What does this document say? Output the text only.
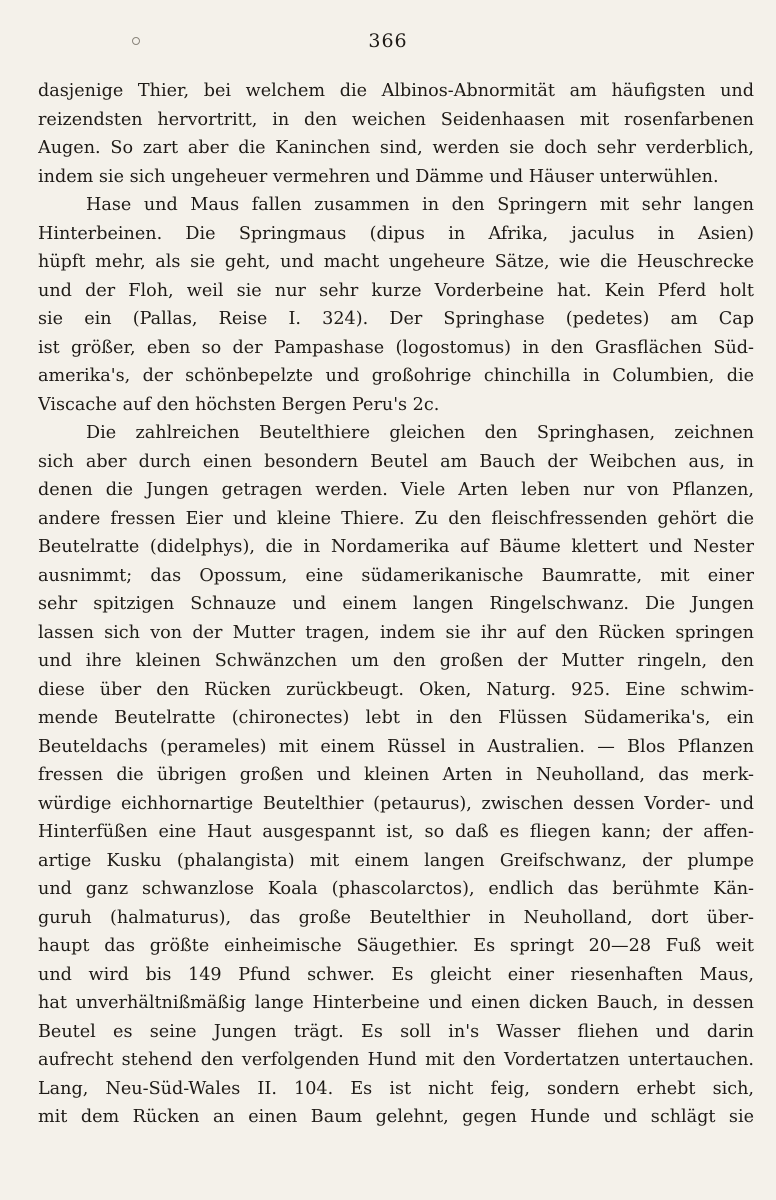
366
dasjenige Thier, bei welchem die Albinos-Abnormität am häufigsten und
reizendsten hervortritt, in den weichen Seidenhaasen mit rosenfarbenen
Augen. So zart aber die Kaninchen sind, werden sie doch sehr verderblich,
indem sie sich ungeheuer vermehren und Dämme und Häuser unterwühlen.
Hase und Maus fallen zusammen in den Springern mit sehr langen
Hinterbeinen. Die Springmaus (dipus in Afrika, jaculus in Asien)
hüpft mehr, als sie geht, und macht ungeheure Sätze, wie die Heuschrecke
und der Floh, weil sie nur sehr kurze Vorderbeine hat. Kein Pferd holt
sie ein (Pallas, Reise I. 324). Der Springhase (pedetes) am Cap
ist größer, eben so der Pampashase (logostomus) in den Grasflächen Süd-
amerika's, der schönbepelzte und großohrige chinchilla in Columbien, die
Viscache auf den höchsten Bergen Peru's 2c.
Die zahlreichen Beutelthiere gleichen den Springhasen, zeichnen
sich aber durch einen besondern Beutel am Bauch der Weibchen aus, in
denen die Jungen getragen werden. Viele Arten leben nur von Pflanzen,
andere fressen Eier und kleine Thiere. Zu den fleischfressenden gehört die
Beutelratte (didelphys), die in Nordamerika auf Bäume klettert und Nester
ausnimmt; das Opossum, eine südamerikanische Baumratte, mit einer
sehr spitzigen Schnauze und einem langen Ringelschwanz. Die Jungen
lassen sich von der Mutter tragen, indem sie ihr auf den Rücken springen
und ihre kleinen Schwänzchen um den großen der Mutter ringeln, den
diese über den Rücken zurückbeugt. Oken, Naturg. 925. Eine schwim-
mende Beutelratte (chironectes) lebt in den Flüssen Südamerika's, ein
Beuteldachs (perameles) mit einem Rüssel in Australien. — Blos Pflanzen
fressen die übrigen großen und kleinen Arten in Neuholland, das merk-
würdige eichhornartige Beutelthier (petaurus), zwischen dessen Vorder- und
Hinterfüßen eine Haut ausgespannt ist, so daß es fliegen kann; der affen-
artige Kusku (phalangista) mit einem langen Greifschwanz, der plumpe
und ganz schwanzlose Koala (phascolarctos), endlich das berühmte Kän-
guruh (halmaturus), das große Beutelthier in Neuholland, dort über-
haupt das größte einheimische Säugethier. Es springt 20—28 Fuß weit
und wird bis 149 Pfund schwer. Es gleicht einer riesenhaften Maus,
hat unverhältnißmäßig lange Hinterbeine und einen dicken Bauch, in dessen
Beutel es seine Jungen trägt. Es soll in's Wasser fliehen und darin
aufrecht stehend den verfolgenden Hund mit den Vordertatzen untertauchen.
Lang, Neu-Süd-Wales II. 104. Es ist nicht feig, sondern erhebt sich,
mit dem Rücken an einen Baum gelehnt, gegen Hunde und schlägt sie
